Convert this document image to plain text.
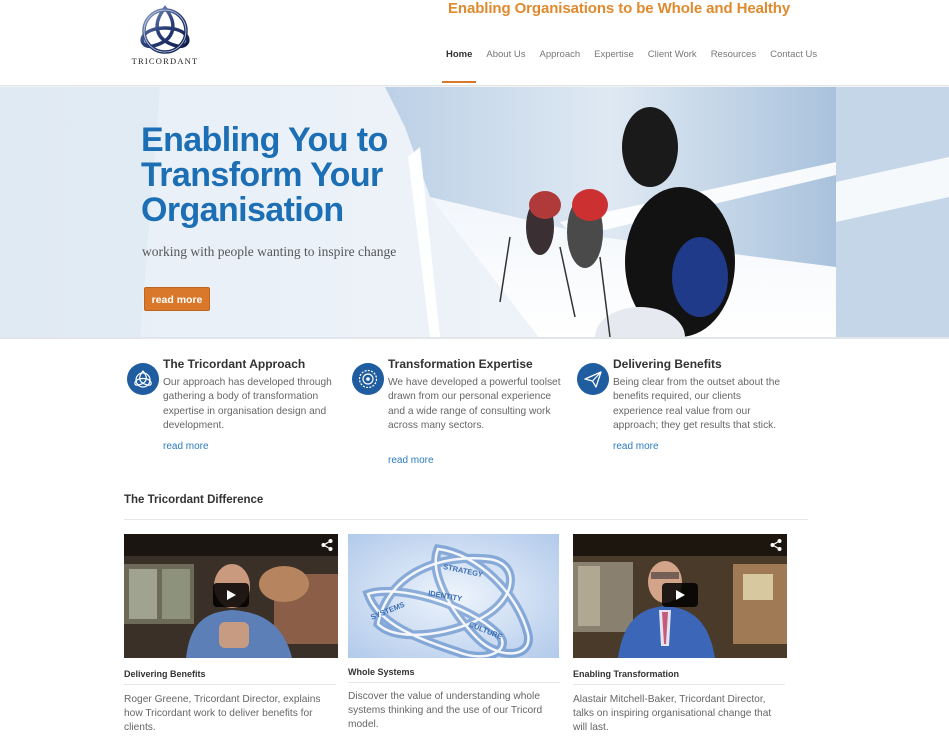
TRICORDANT
Enabling Organisations to be Whole and Healthy
Home	About Us	Approach	Expertise	Client Work	Resources	Contact Us
Enabling You to Transform Your Organisation
working with people wanting to inspire change
read more
The Tricordant Approach
Our approach has developed through gathering a body of transformation expertise in organisation design and development.
read more
Transformation Expertise
We have developed a powerful toolset drawn from our personal experience and a wide range of consulting work across many sectors.
read more
Delivering Benefits
Being clear from the outset about the benefits required, our clients experience real value from our approach; they get results that stick.
read more
The Tricordant Difference
Delivering Benefits
Roger Greene, Tricordant Director, explains how Tricordant work to deliver benefits for clients.
STRATEGY
IDENTITY
SYSTEMS
CULTURE
Whole Systems
Discover the value of understanding whole systems thinking and the use of our Tricord model.
Enabling Transformation
Alastair Mitchell-Baker, Tricordant Director, talks on inspiring organisational change that will last.
